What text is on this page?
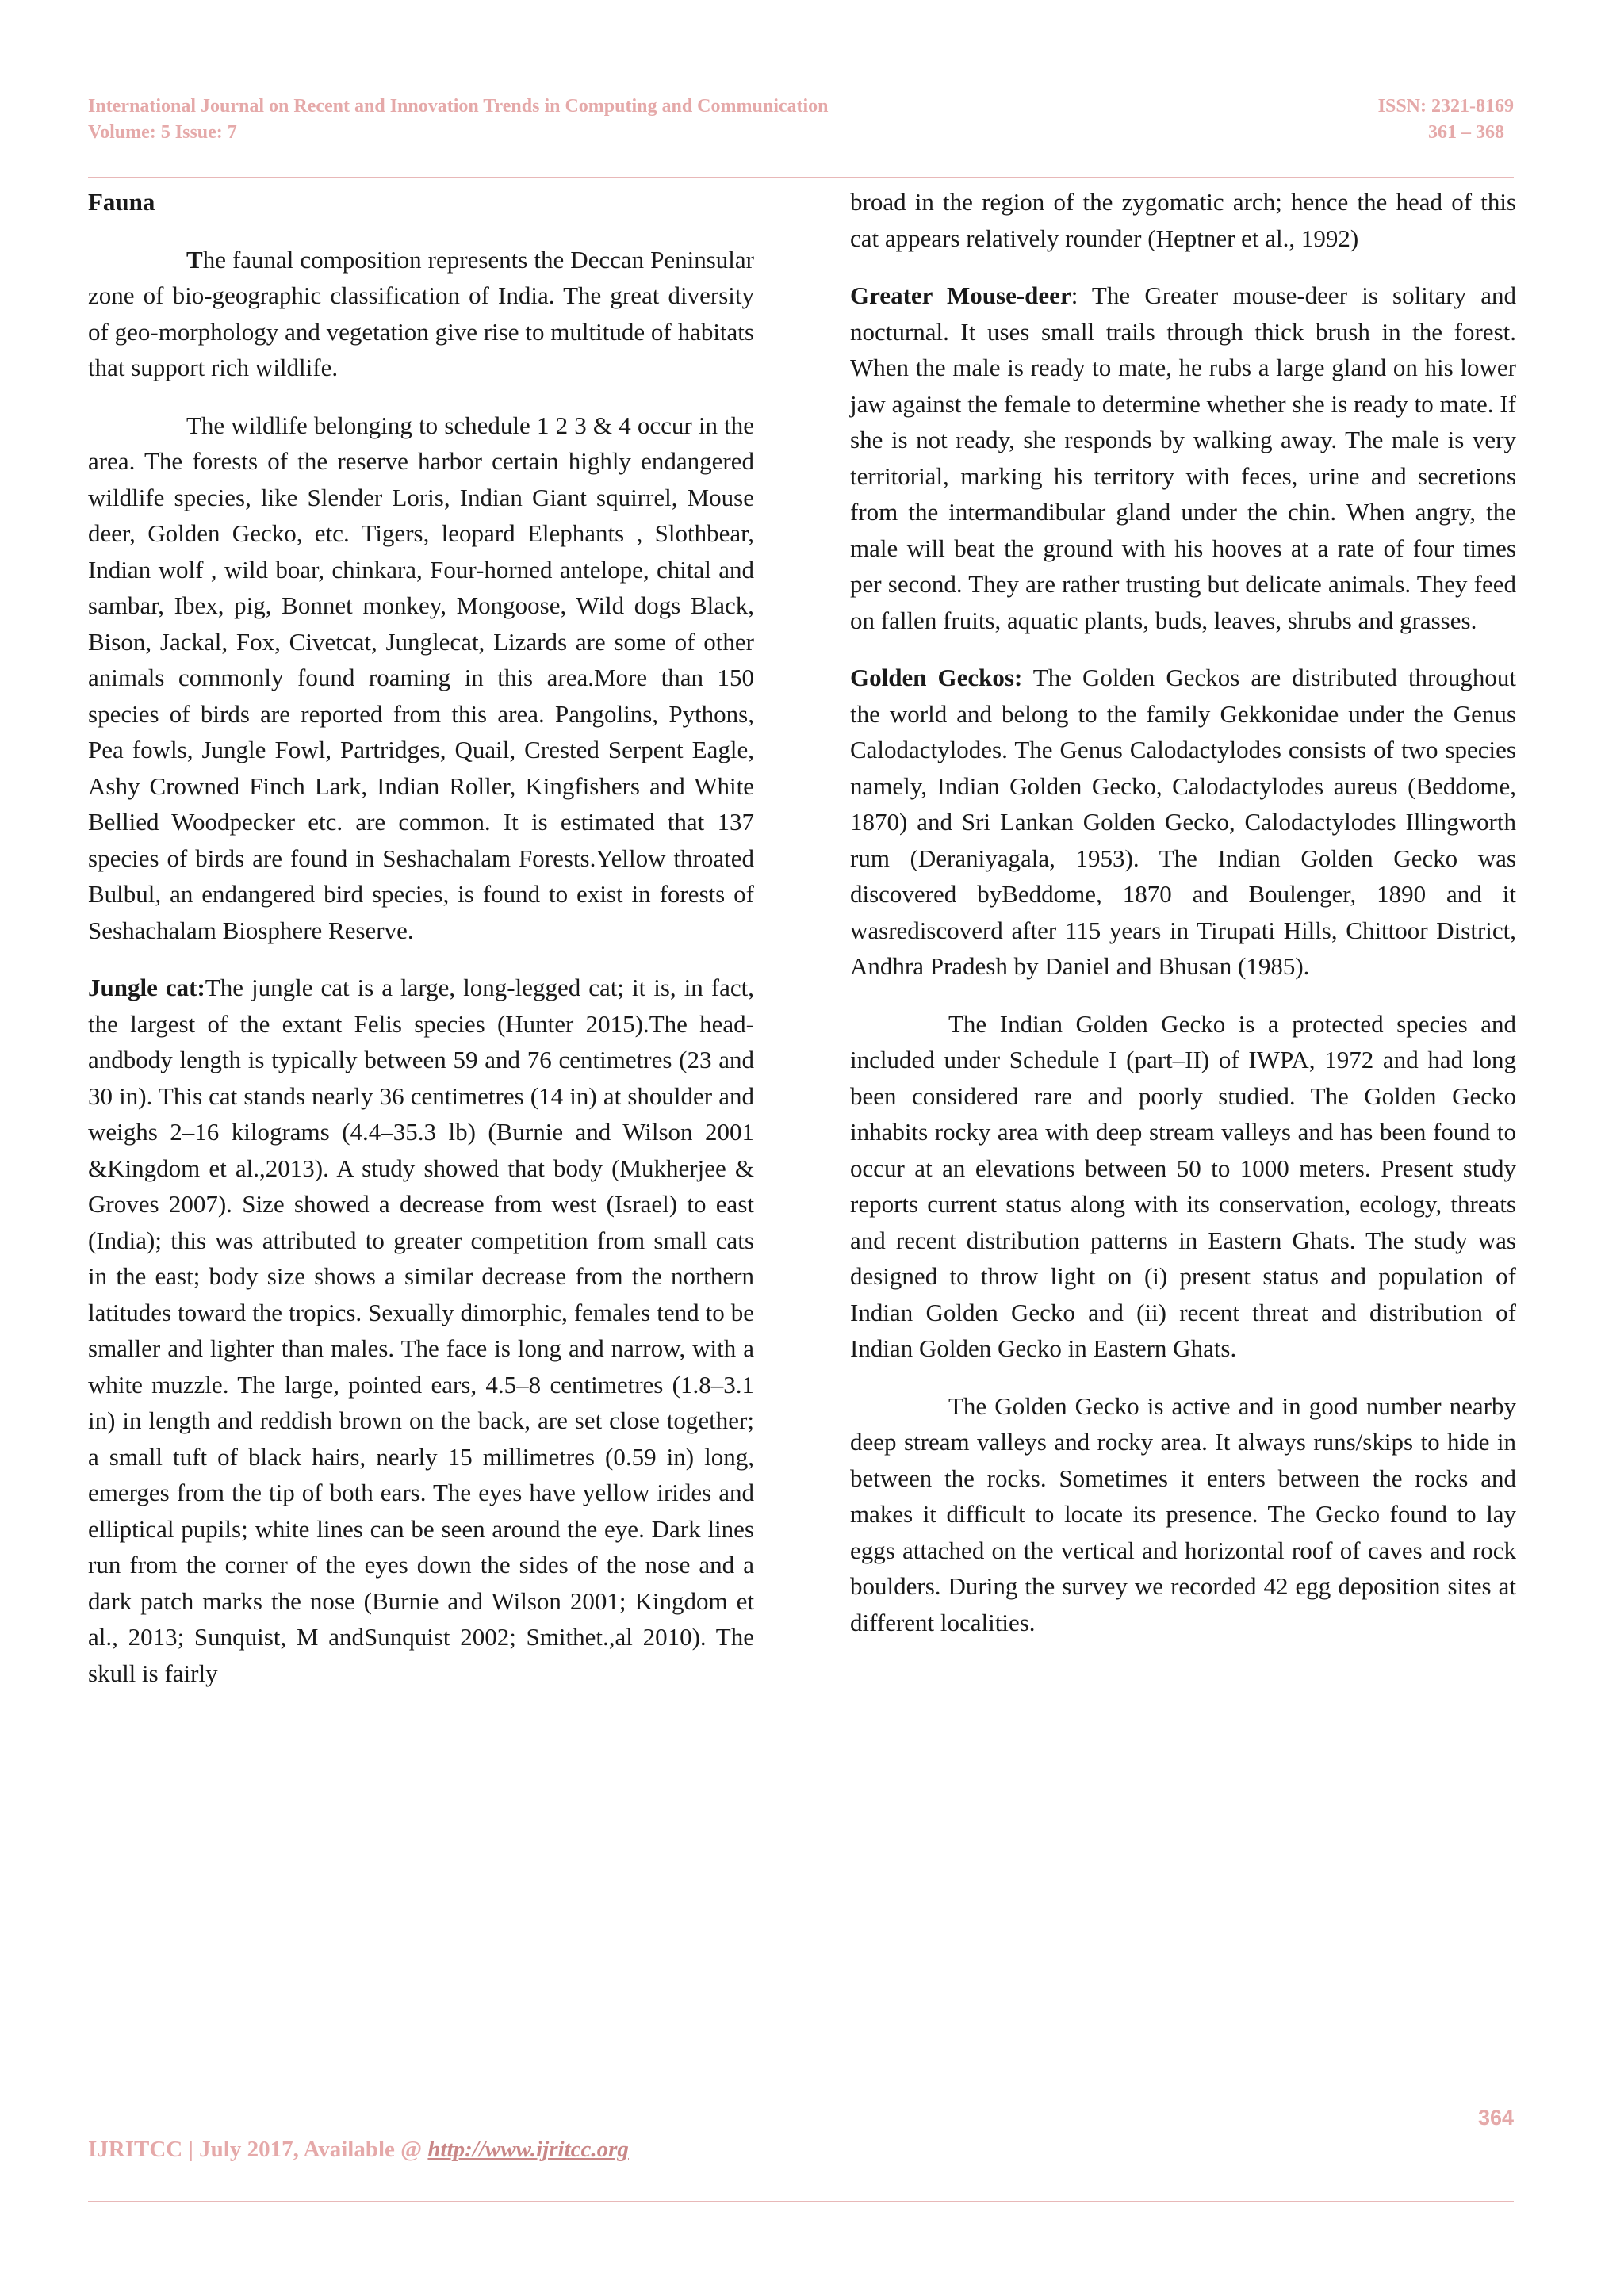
International Journal on Recent and Innovation Trends in Computing and Communication	ISSN: 2321-8169
Volume: 5 Issue: 7	361 – 368

Fauna

The faunal composition represents the Deccan Peninsular zone of bio-geographic classification of India. The great diversity of geo-morphology and vegetation give rise to multitude of habitats that support rich wildlife.

The wildlife belonging to schedule 1 2 3 & 4 occur in the area. The forests of the reserve harbor certain highly endangered wildlife species, like Slender Loris, Indian Giant squirrel, Mouse deer, Golden Gecko, etc. Tigers, leopard Elephants , Slothbear, Indian wolf , wild boar, chinkara, Four-horned antelope, chital and sambar, Ibex, pig, Bonnet monkey, Mongoose, Wild dogs Black, Bison, Jackal, Fox, Civetcat, Junglecat, Lizards are some of other animals commonly found roaming in this area.More than 150 species of birds are reported from this area. Pangolins, Pythons, Pea fowls, Jungle Fowl, Partridges, Quail, Crested Serpent Eagle, Ashy Crowned Finch Lark, Indian Roller, Kingfishers and White Bellied Woodpecker etc. are common. It is estimated that 137 species of birds are found in Seshachalam Forests.Yellow throated Bulbul, an endangered bird species, is found to exist in forests of Seshachalam Biosphere Reserve.

Jungle cat:The jungle cat is a large, long-legged cat; it is, in fact, the largest of the extant Felis species (Hunter 2015).The head-andbody length is typically between 59 and 76 centimetres (23 and 30 in). This cat stands nearly 36 centimetres (14 in) at shoulder and weighs 2–16 kilograms (4.4–35.3 lb) (Burnie and Wilson 2001 &Kingdom et al.,2013). A study showed that body (Mukherjee & Groves 2007). Size showed a decrease from west (Israel) to east (India); this was attributed to greater competition from small cats in the east; body size shows a similar decrease from the northern latitudes toward the tropics. Sexually dimorphic, females tend to be smaller and lighter than males. The face is long and narrow, with a white muzzle. The large, pointed ears, 4.5–8 centimetres (1.8–3.1 in) in length and reddish brown on the back, are set close together; a small tuft of black hairs, nearly 15 millimetres (0.59 in) long, emerges from the tip of both ears. The eyes have yellow irides and elliptical pupils; white lines can be seen around the eye. Dark lines run from the corner of the eyes down the sides of the nose and a dark patch marks the nose (Burnie and Wilson 2001; Kingdom et al., 2013; Sunquist, M andSunquist 2002; Smithet.,al 2010). The skull is fairly

broad in the region of the zygomatic arch; hence the head of this cat appears relatively rounder (Heptner et al., 1992)

Greater Mouse-deer: The Greater mouse-deer is solitary and nocturnal. It uses small trails through thick brush in the forest. When the male is ready to mate, he rubs a large gland on his lower jaw against the female to determine whether she is ready to mate. If she is not ready, she responds by walking away. The male is very territorial, marking his territory with feces, urine and secretions from the intermandibular gland under the chin. When angry, the male will beat the ground with his hooves at a rate of four times per second. They are rather trusting but delicate animals. They feed on fallen fruits, aquatic plants, buds, leaves, shrubs and grasses.

Golden Geckos: The Golden Geckos are distributed throughout the world and belong to the family Gekkonidae under the Genus Calodactylodes. The Genus Calodactylodes consists of two species namely, Indian Golden Gecko, Calodactylodes aureus (Beddome, 1870) and Sri Lankan Golden Gecko, Calodactylodes Illingworth rum (Deraniyagala, 1953). The Indian Golden Gecko was discovered byBeddome, 1870 and Boulenger, 1890 and it wasrediscoverd after 115 years in Tirupati Hills, Chittoor District, Andhra Pradesh by Daniel and Bhusan (1985).

The Indian Golden Gecko is a protected species and included under Schedule I (part–II) of IWPA, 1972 and had long been considered rare and poorly studied. The Golden Gecko inhabits rocky area with deep stream valleys and has been found to occur at an elevations between 50 to 1000 meters. Present study reports current status along with its conservation, ecology, threats and recent distribution patterns in Eastern Ghats. The study was designed to throw light on (i) present status and population of Indian Golden Gecko and (ii) recent threat and distribution of Indian Golden Gecko in Eastern Ghats.

The Golden Gecko is active and in good number nearby deep stream valleys and rocky area. It always runs/skips to hide in between the rocks. Sometimes it enters between the rocks and makes it difficult to locate its presence. The Gecko found to lay eggs attached on the vertical and horizontal roof of caves and rock boulders. During the survey we recorded 42 egg deposition sites at different localities.

364
IJRITCC | July 2017, Available @ http://www.ijritcc.org
